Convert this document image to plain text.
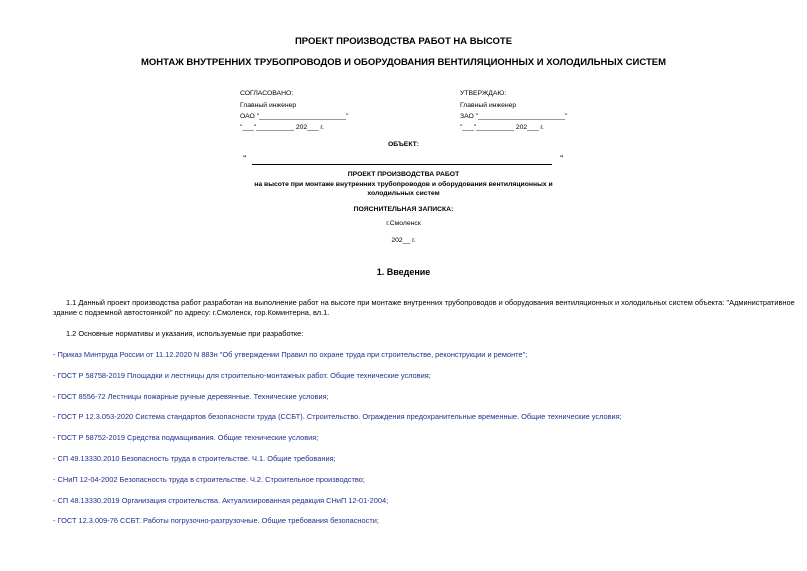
ПРОЕКТ ПРОИЗВОДСТВА РАБОТ НА ВЫСОТЕ
МОНТАЖ ВНУТРЕННИХ ТРУБОПРОВОДОВ И ОБОРУДОВАНИЯ ВЕНТИЛЯЦИОННЫХ И ХОЛОДИЛЬНЫХ СИСТЕМ
СОГЛАСОВАНО:
Главный инженер
ОАО "_______________________"
"___"__________ 202___ г.
УТВЕРЖДАЮ:
Главный инженер
ЗАО "_______________________"
"___"__________ 202___ г.
ОБЪЕКТ:
"	"
ПРОЕКТ ПРОИЗВОДСТВА РАБОТ
на высоте при монтаже внутренних трубопроводов и оборудования вентиляционных и
холодильных систем
ПОЯСНИТЕЛЬНАЯ ЗАПИСКА:
г.Смоленск
202__ г.
1. Введение
1.1 Данный проект производства работ разработан на выполнение работ на высоте при монтаже внутренних трубопроводов и оборудования вентиляционных и холодильных систем объекта: "Административное
здание с подземной автостоянкой" по адресу: г.Смоленск, гор.Коминтерна, вл.1.
1.2 Основные нормативы и указания, используемые при разработке:
- Приказ Минтруда России от 11.12.2020 N 883н "Об утверждении Правил по охране труда при строительстве, реконструкции и ремонте";
- ГОСТ Р 58758-2019 Площадки и лестницы для строительно-монтажных работ. Общие технические условия;
- ГОСТ 8556-72 Лестницы пожарные ручные деревянные. Технические условия;
- ГОСТ Р 12.3.053-2020 Система стандартов безопасности труда (ССБТ). Строительство. Ограждения предохранительные временные. Общие технические условия;
- ГОСТ Р 58752-2019 Средства подмащивания. Общие технические условия;
- СП 49.13330.2010 Безопасность труда в строительстве. Ч.1. Общие требования;
- СНиП 12-04-2002 Безопасность труда в строительстве. Ч.2. Строительное производство;
- СП 48.13330.2019 Организация строительства. Актуализированная редакция СНиП 12-01-2004;
- ГОСТ 12.3.009-76 ССБТ. Работы погрузочно-разгрузочные. Общие требования безопасности;
